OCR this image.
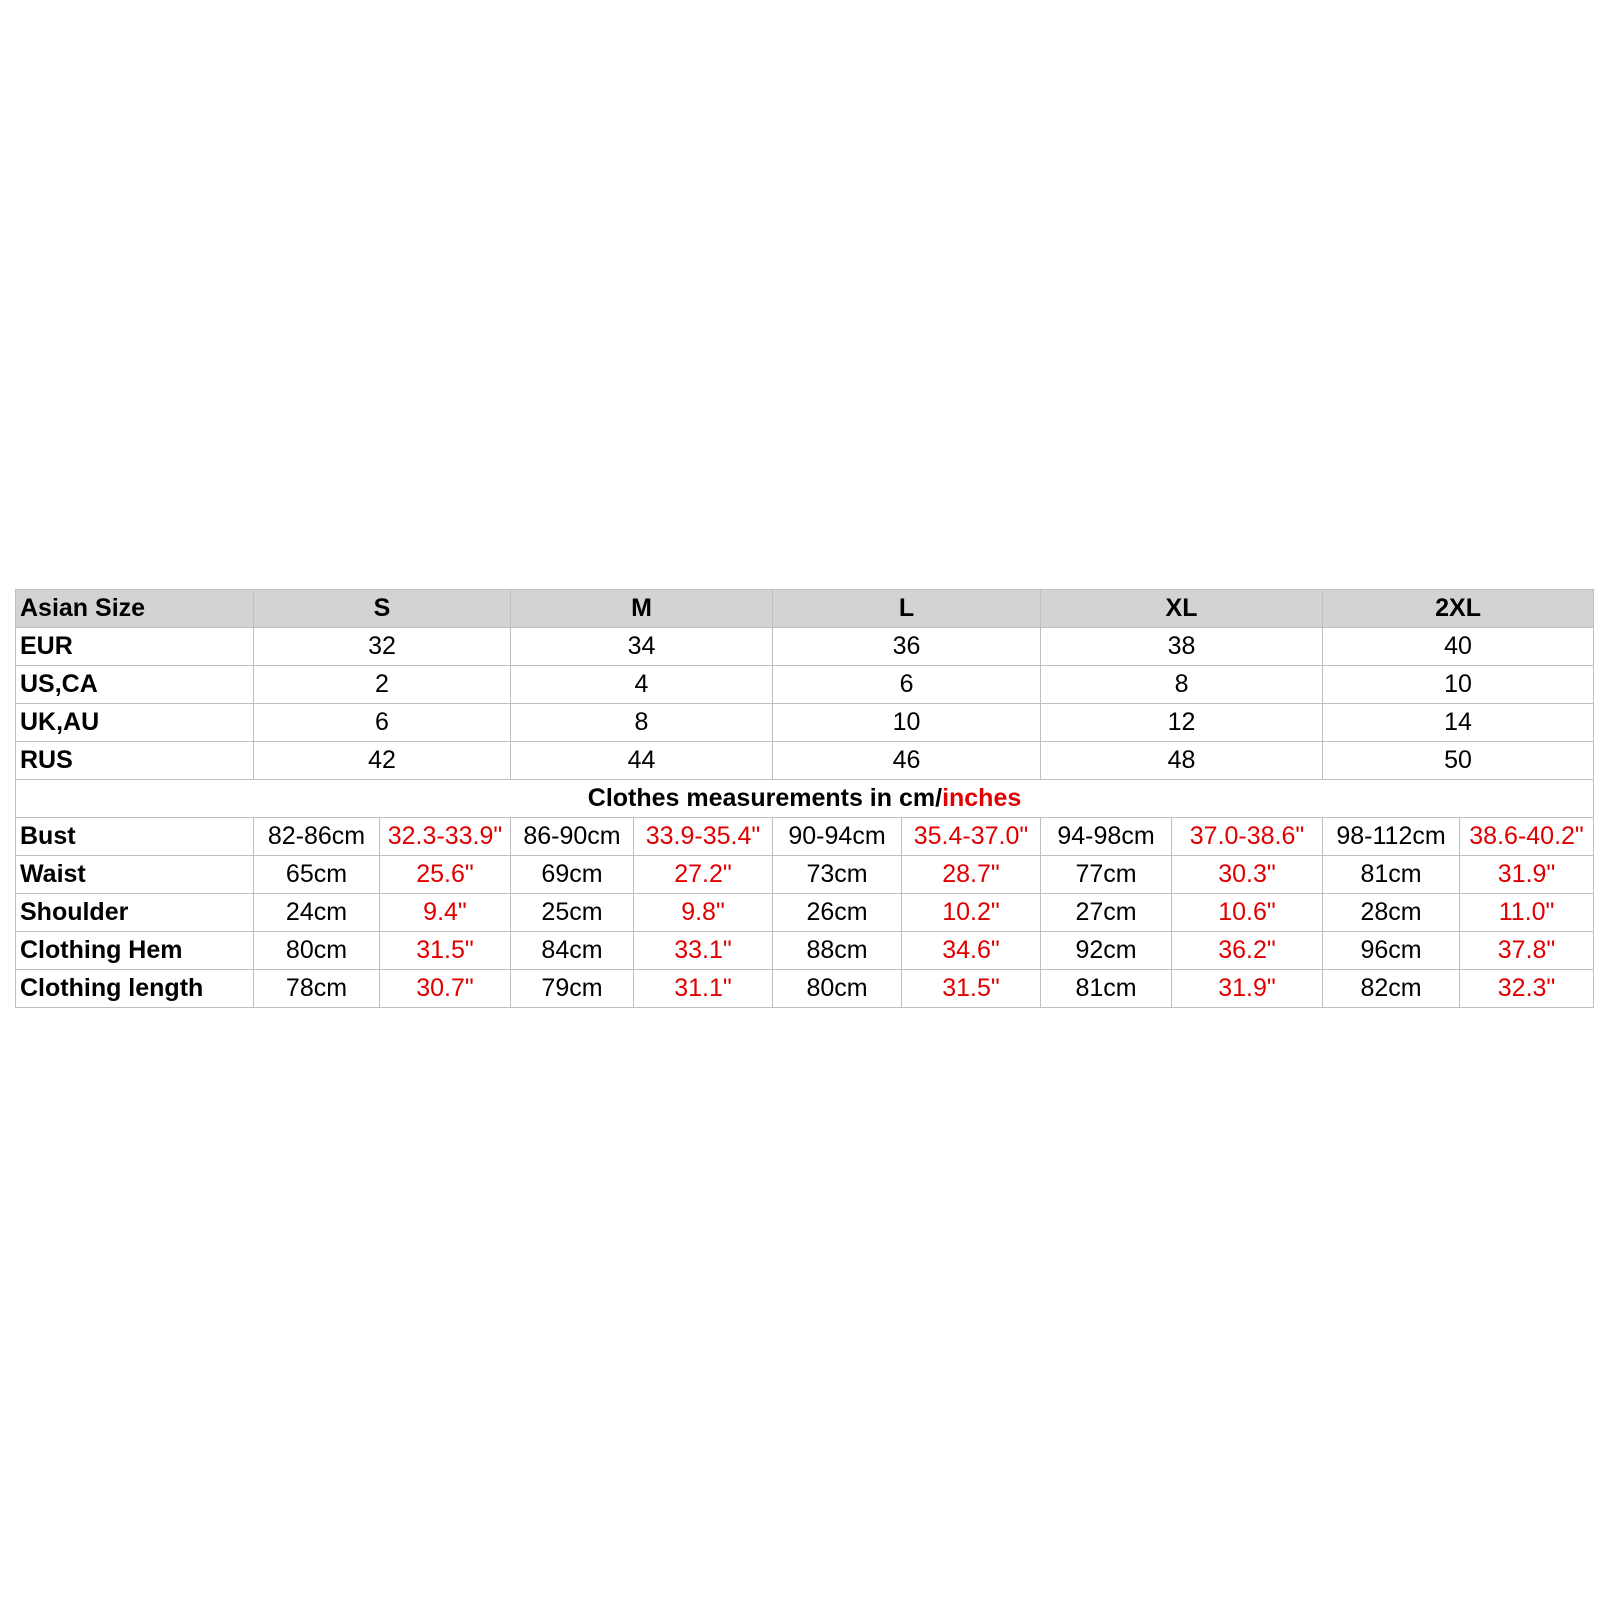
Asian Size	S		M		L		XL		2XL	
EUR	32		34		36		38		40	
US,CA	2		4		6		8		10	
UK,AU	6		8		10		12		14	
RUS	42		44		46		48		50	
Clothes measurements in cm/inches										
Bust	82-86cm	32.3-33.9"	86-90cm	33.9-35.4"	90-94cm	35.4-37.0"	94-98cm	37.0-38.6"	98-112cm	38.6-40.2"
Waist	65cm	25.6"	69cm	27.2"	73cm	28.7"	77cm	30.3"	81cm	31.9"
Shoulder	24cm	9.4"	25cm	9.8"	26cm	10.2"	27cm	10.6"	28cm	11.0"
Clothing Hem	80cm	31.5"	84cm	33.1"	88cm	34.6"	92cm	36.2"	96cm	37.8"
Clothing length	78cm	30.7"	79cm	31.1"	80cm	31.5"	81cm	31.9"	82cm	32.3"
